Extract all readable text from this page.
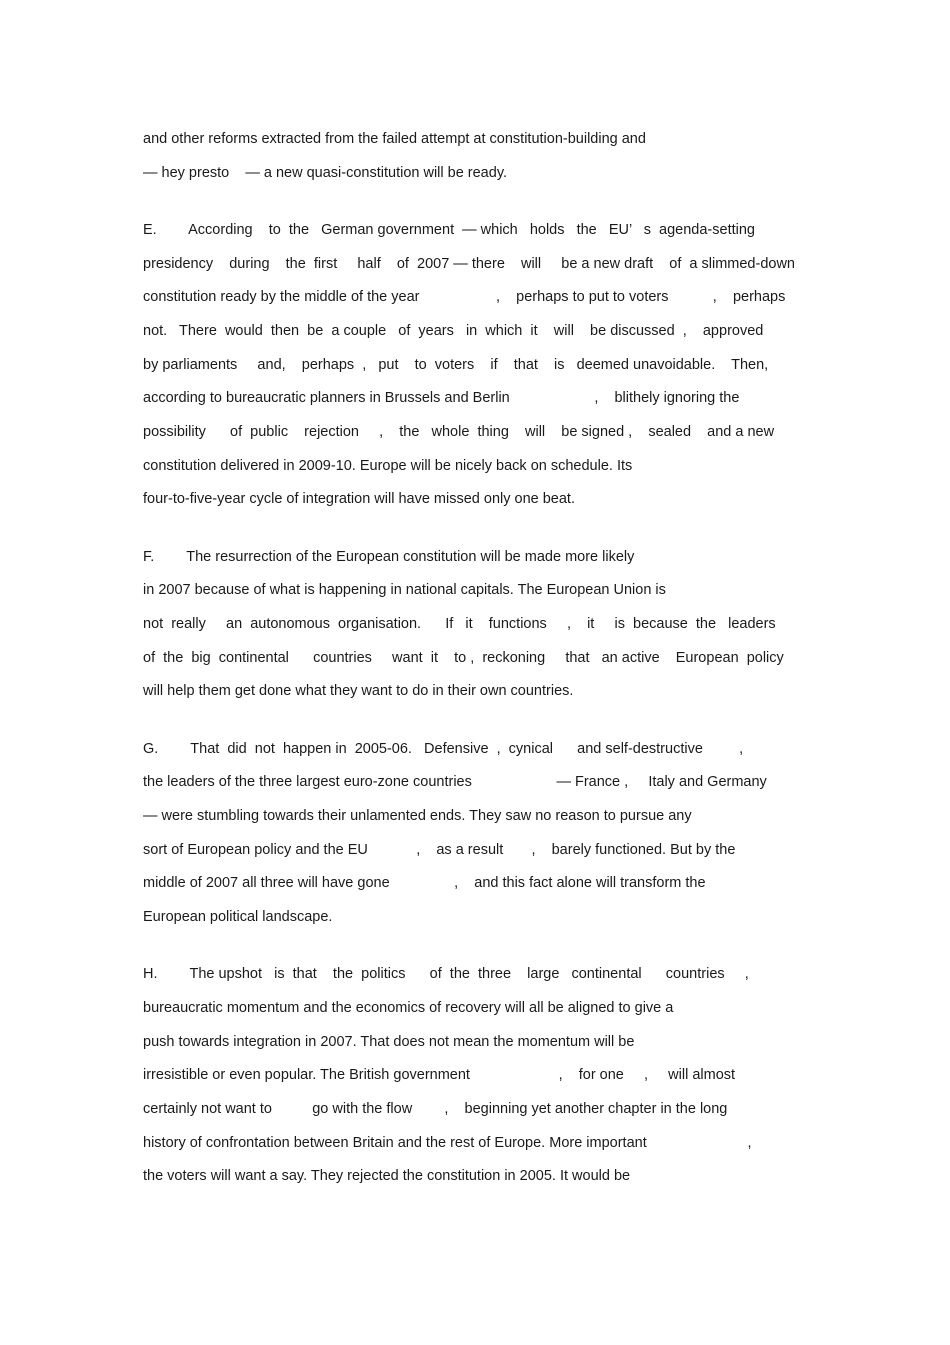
and other reforms extracted from the failed attempt at constitution-building and
— hey presto    — a new quasi-constitution will be ready.
E.        According    to  the   German government  — which   holds   the   EU’   s  agenda-setting
presidency    during    the  first     half    of  2007 — there    will     be a new draft    of  a slimmed-down
constitution ready by the middle of the year                   ,    perhaps to put to voters           ,    perhaps
not.   There  would  then  be  a couple   of  years   in  which  it    will    be discussed  ,    approved
by parliaments     and,    perhaps  ,   put    to  voters    if    that    is   deemed unavoidable.    Then,
according to bureaucratic planners in Brussels and Berlin                     ,    blithely ignoring the
possibility      of  public    rejection     ,    the   whole  thing    will    be signed ,    sealed    and a new
constitution delivered in 2009-10. Europe will be nicely back on schedule. Its
four-to-five-year cycle of integration will have missed only one beat.
F.        The resurrection of the European constitution will be made more likely
in 2007 because of what is happening in national capitals. The European Union is
not  really     an  autonomous  organisation.      If   it    functions     ,    it     is  because  the   leaders
of  the  big  continental      countries     want  it    to ,  reckoning     that   an active    European  policy
will help them get done what they want to do in their own countries.
G.        That  did  not  happen in  2005-06.   Defensive  ,  cynical      and self-destructive         ,
the leaders of the three largest euro-zone countries                     — France ,     Italy and Germany
— were stumbling towards their unlamented ends. They saw no reason to pursue any
sort of European policy and the EU            ,    as a result       ,    barely functioned. But by the
middle of 2007 all three will have gone                ,    and this fact alone will transform the
European political landscape.
H.        The upshot   is  that    the  politics      of  the  three    large   continental      countries     ,
bureaucratic momentum and the economics of recovery will all be aligned to give a
push towards integration in 2007. That does not mean the momentum will be
irresistible or even popular. The British government                      ,    for one     ,     will almost
certainly not want to          go with the flow        ,    beginning yet another chapter in the long
history of confrontation between Britain and the rest of Europe. More important                         ,
the voters will want a say. They rejected the constitution in 2005. It would be
